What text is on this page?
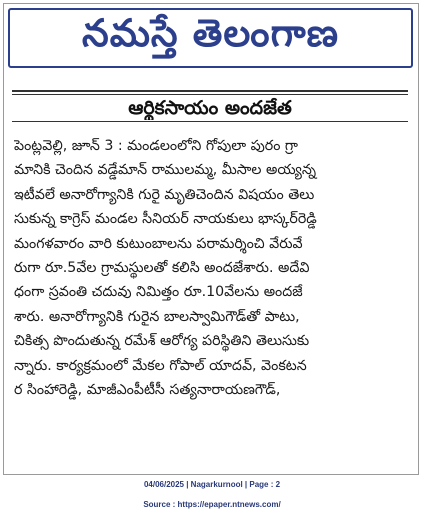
నమస్తే తెలంగాణ
ఆర్థికసాయం అందజేత
పెంట్లవెల్లి, జూన్ 3 : మండలంలోని గోపులా పురం గ్రా
మానికి చెందిన వడ్డేమాన్ రాములమ్మ, మీసాల అయ్యన్న
ఇటీవలే అనారోగ్యానికి గురై మృతిచెందిన విషయం తెలు
సుకున్న కాగ్రెస్ మండల సీనియర్ నాయకులు భాస్కర్‌రెడ్డి
మంగళవారం వారి కుటుంబాలను పరామర్శించి వేరువే
రుగా రూ.5వేల గ్రామస్థులతో కలిసి అందజేశారు. అదేవి
ధంగా స్రవంతి చదువు నిమిత్తం రూ.10వేలను అందజే
శారు. అనారోగ్యానికి గురైన బాలస్వామిగౌడ్‌తో పాటు,
చికిత్స పొందుతున్న రమేశ్ ఆరోగ్య పరిస్థితిని తెలుసుకు
న్నారు. కార్యక్రమంలో మేకల గోపాల్ యాదవ్, వెంకటన
ర సింహారెడ్డి, మాజీఎంపీటీసీ సత్యనారాయణగౌడ్,
04/06/2025 | Nagarkurnool | Page : 2
Source : https://epaper.ntnews.com/
